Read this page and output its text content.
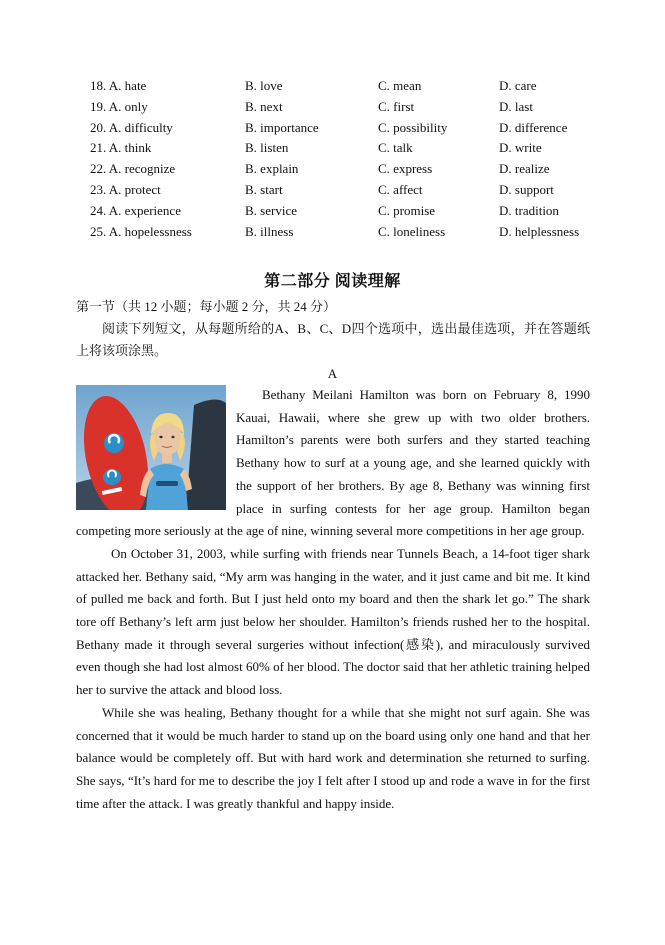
18. A. hate	B. love	C. mean	D. care
19. A. only	B. next	C. first	D. last
20. A. difficulty	B. importance	C. possibility	D. difference
21. A. think	B. listen	C. talk	D. write
22. A. recognize	B. explain	C. express	D. realize
23. A. protect	B. start	C. affect	D. support
24. A. experience	B. service	C. promise	D. tradition
25. A. hopelessness	B. illness	C. loneliness	D. helplessness
第二部分 阅读理解
第一节（共 12 小题；每小题 2 分，共 24 分）
阅读下列短文，从每题所给的A、B、C、D四个选项中，选出最佳选项，并在答题纸上将该项涂黑。
A

Bethany Meilani Hamilton was born on February 8, 1990 Kauai, Hawaii, where she grew up with two older brothers. Hamilton’s parents were both surfers and they started teaching Bethany how to surf at a young age, and she learned quickly with the support of her brothers. By age 8, Bethany was winning first place in surfing contests for her age group. Hamilton began competing more seriously at the age of nine, winning several more competitions in her age group.

On October 31, 2003, while surfing with friends near Tunnels Beach, a 14-foot tiger shark attacked her. Bethany said, “My arm was hanging in the water, and it just came and bit me. It kind of pulled me back and forth. But I just held onto my board and then the shark let go.” The shark tore off Bethany’s left arm just below her shoulder. Hamilton’s friends rushed her to the hospital. Bethany made it through several surgeries without infection(感染), and miraculously survived even though she had lost almost 60% of her blood. The doctor said that her athletic training helped her to survive the attack and blood loss.

While she was healing, Bethany thought for a while that she might not surf again. She was concerned that it would be much harder to stand up on the board using only one hand and that her balance would be completely off. But with hard work and determination she returned to surfing. She says, “It’s hard for me to describe the joy I felt after I stood up and rode a wave in for the first time after the attack. I was greatly thankful and happy inside.
